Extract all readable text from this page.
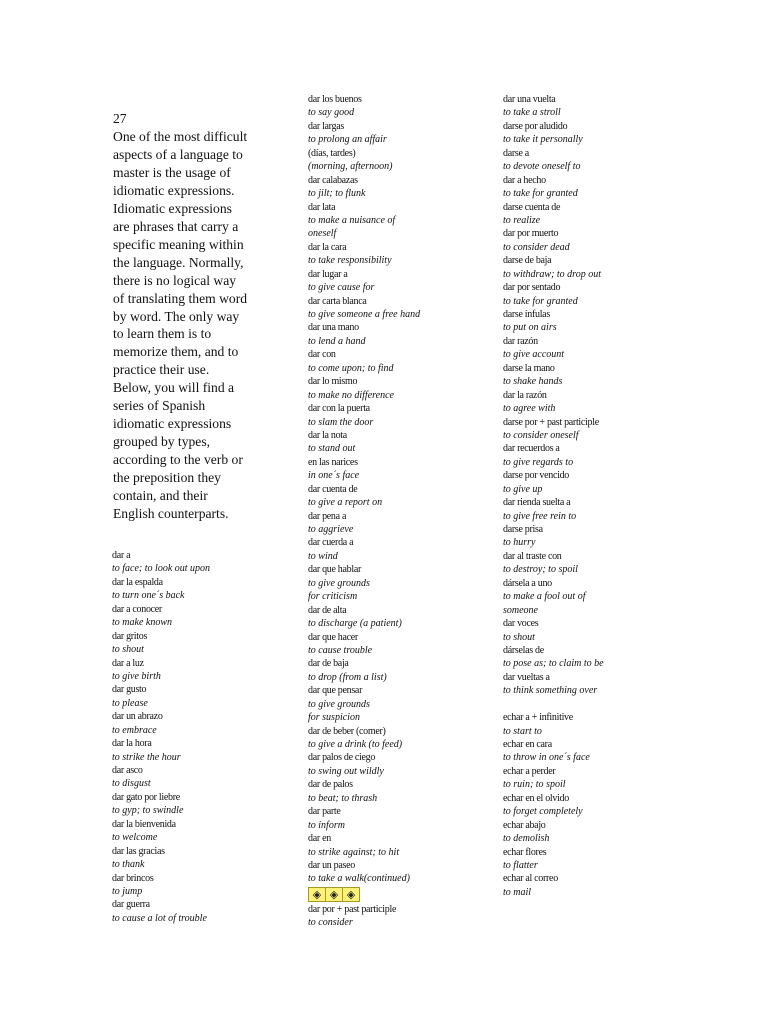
27
One of the most difficult
aspects of a language to
master is the usage of
idiomatic expressions.
Idiomatic expressions
are phrases that carry a
specific meaning within
the language. Normally,
there is no logical way
of translating them word
by word. The only way
to learn them is to
memorize them, and to
practice their use.
Below, you will find a
series of Spanish
idiomatic expressions
grouped by types,
according to the verb or
the preposition they
contain, and their
English counterparts.
dar a
to face; to look out upon
dar la espalda
to turn one´s back
dar a conocer
to make known
dar gritos
to shout
dar a luz
to give birth
dar gusto
to please
dar un abrazo
to embrace
dar la hora
to strike the hour
dar asco
to disgust
dar gato por liebre
to gyp; to swindle
dar la bienvenida
to welcome
dar las gracias
to thank
dar brincos
to jump
dar guerra
to cause a lot of trouble
dar los buenos
to say good
dar largas
to prolong an affair
(días, tardes)
(morning, afternoon)
dar calabazas
to jilt; to flunk
dar lata
to make a nuisance of
oneself
dar la cara
to take responsibility
dar lugar a
to give cause for
dar carta blanca
to give someone a free hand
dar una mano
to lend a hand
dar con
to come upon; to find
dar lo mismo
to make no difference
dar con la puerta
to slam the door
dar la nota
to stand out
en las narices
in one´s face
dar cuenta de
to give a report on
dar pena a
to aggrieve
dar cuerda a
to wind
dar que hablar
to give grounds
for criticism
dar de alta
to discharge (a patient)
dar que hacer
to cause trouble
dar de baja
to drop (from a list)
dar que pensar
to give grounds
for suspicion
dar de beber (comer)
to give a drink (to feed)
dar palos de ciego
to swing out wildly
dar de palos
to beat; to thrash
dar parte
to inform
dar en
to strike against; to hit
dar un paseo
to take a walk(continued)
◈ ◈ ◈
dar por + past participle
to consider
dar una vuelta
to take a stroll
darse por aludido
to take it personally
darse a
to devote oneself to
dar a hecho
to take for granted
darse cuenta de
to realize
dar por muerto
to consider dead
darse de baja
to withdraw; to drop out
dar por sentado
to take for granted
darse ínfulas
to put on airs
dar razón
to give account
darse la mano
to shake hands
dar la razón
to agree with
darse por + past participle
to consider oneself
dar recuerdos a
to give regards to
darse por vencido
to give up
dar rienda suelta a
to give free rein to
darse prisa
to hurry
dar al traste con
to destroy; to spoil
dársela a uno
to make a fool out of
someone
dar voces
to shout
dárselas de
to pose as; to claim to be
dar vueltas a
to think something over
echar a + infinitive
to start to
echar en cara
to throw in one´s face
echar a perder
to ruin; to spoil
echar en el olvido
to forget completely
echar abajo
to demolish
echar flores
to flatter
echar al correo
to mail
